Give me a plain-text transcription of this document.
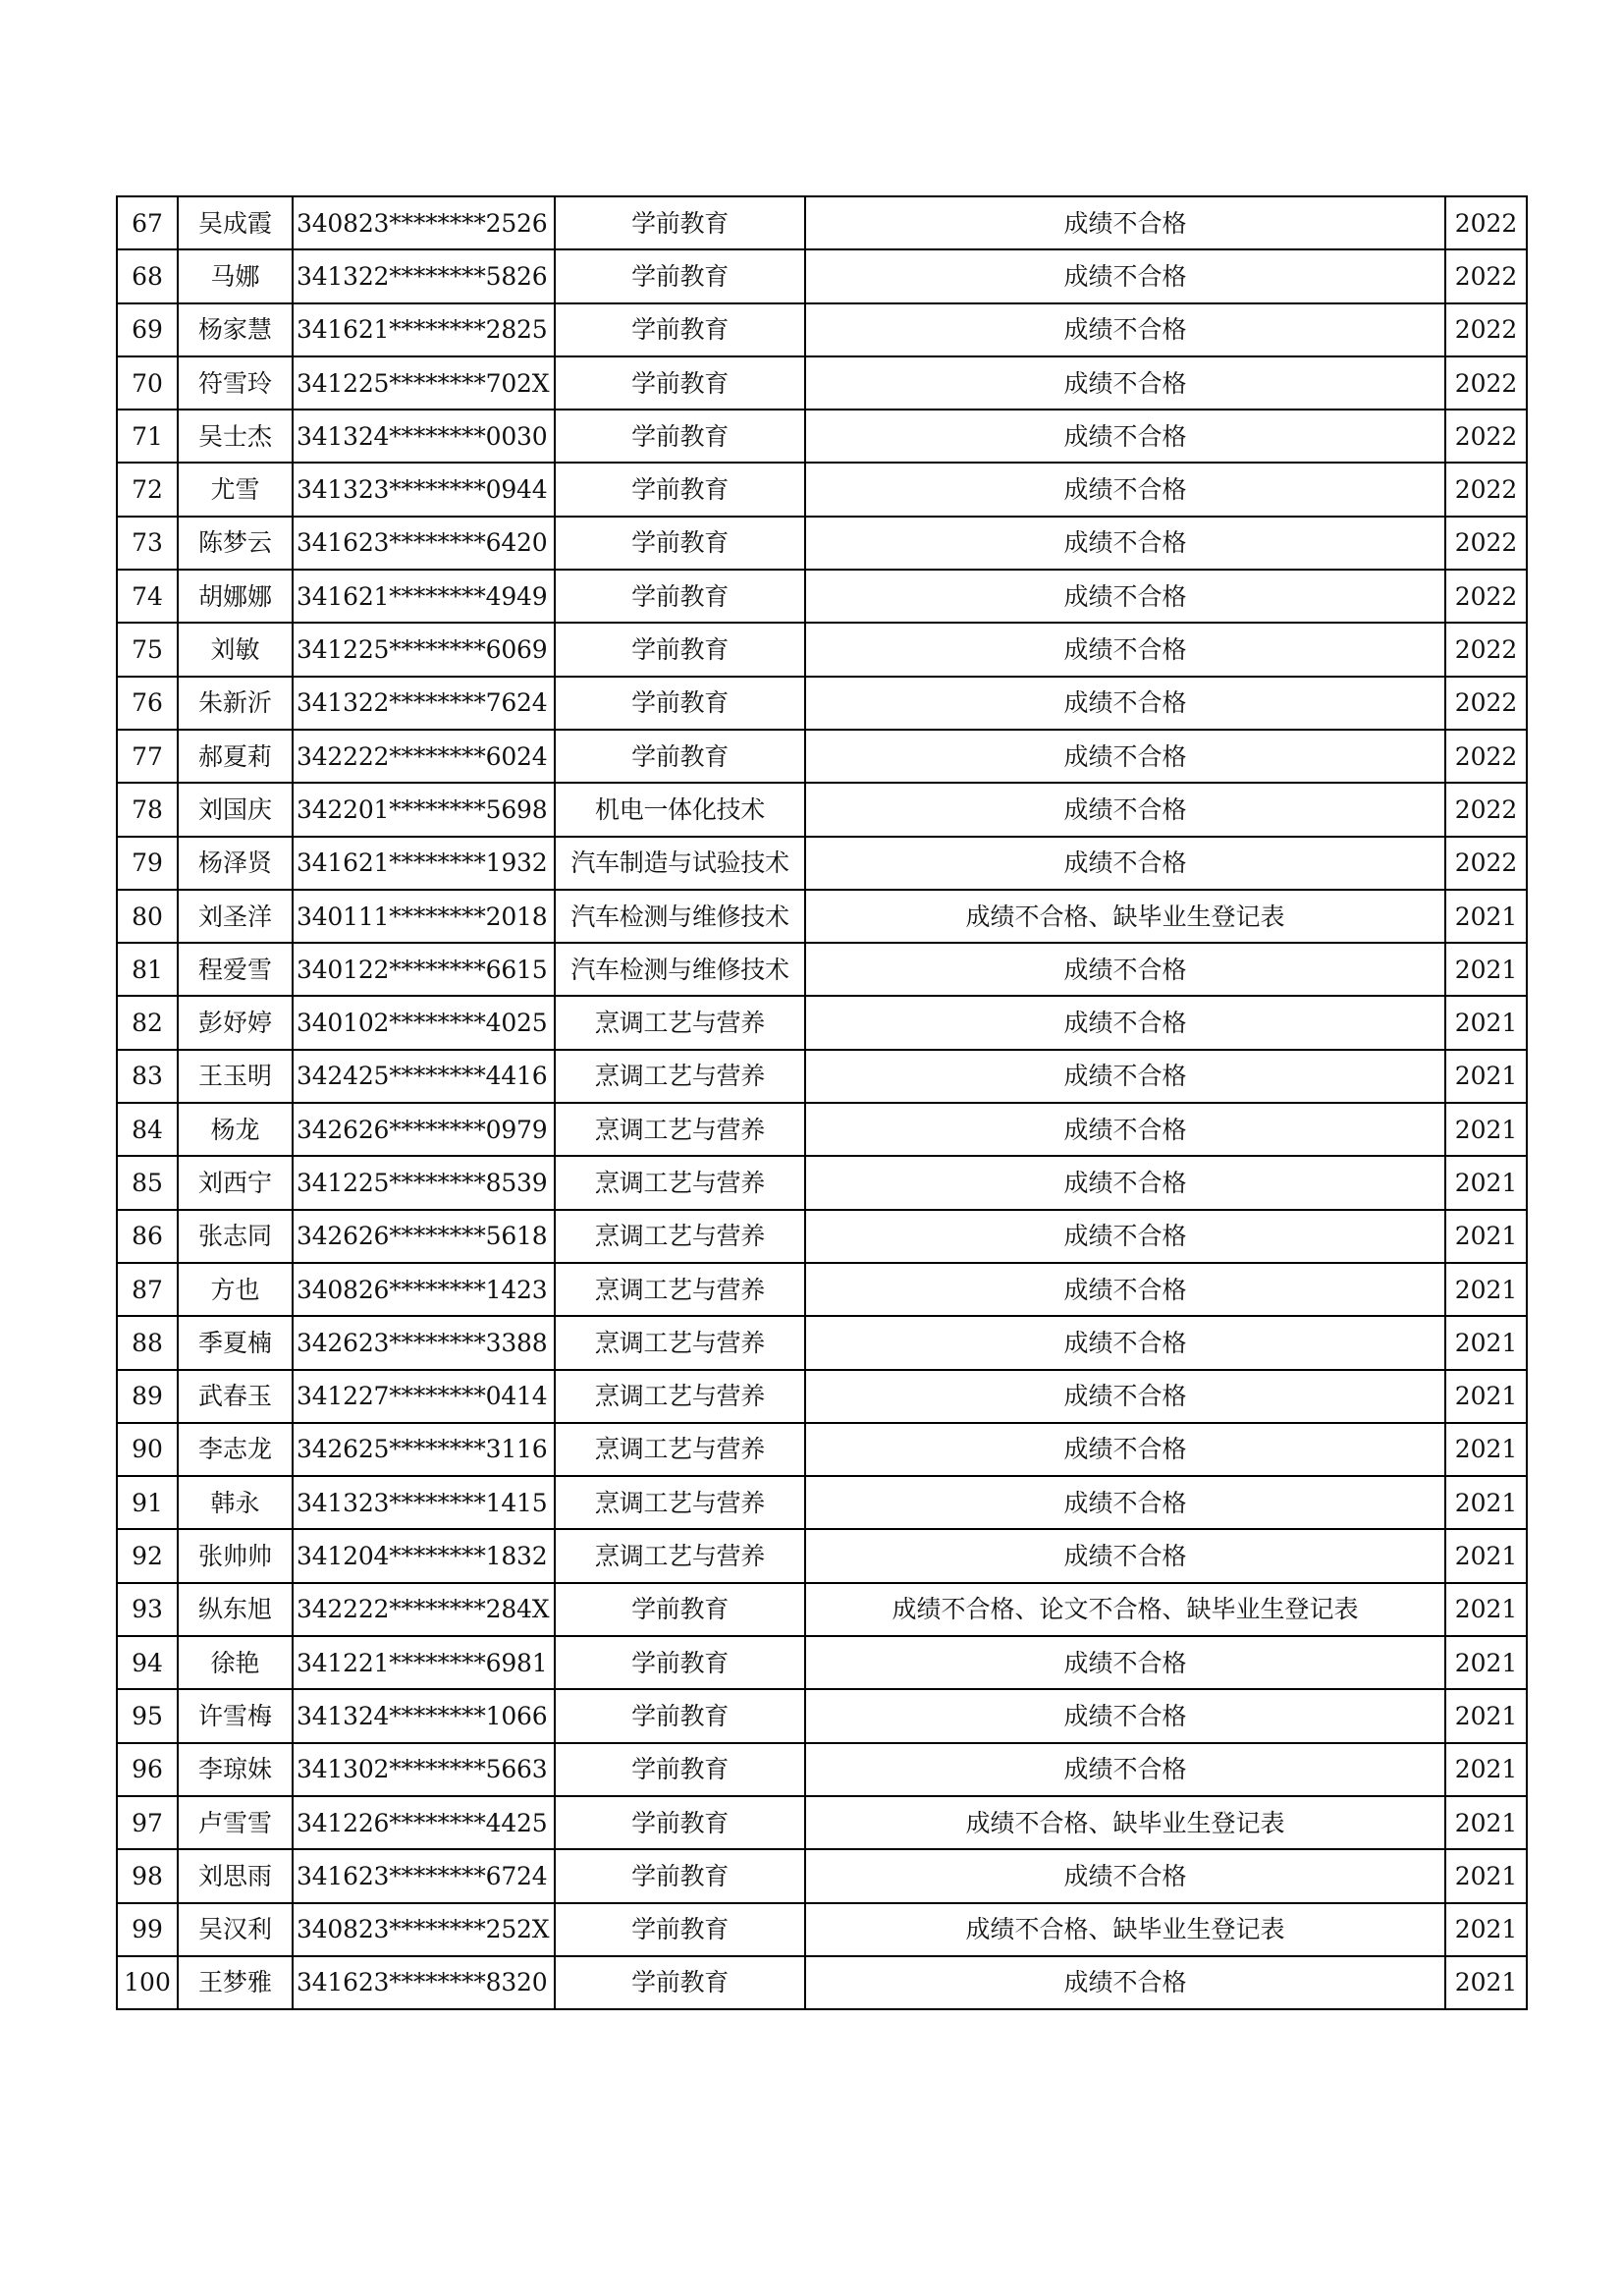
67	吴成霞	340823********2526	学前教育	成绩不合格	2022
68	马娜	341322********5826	学前教育	成绩不合格	2022
69	杨家慧	341621********2825	学前教育	成绩不合格	2022
70	符雪玲	341225********702X	学前教育	成绩不合格	2022
71	吴士杰	341324********0030	学前教育	成绩不合格	2022
72	尤雪	341323********0944	学前教育	成绩不合格	2022
73	陈梦云	341623********6420	学前教育	成绩不合格	2022
74	胡娜娜	341621********4949	学前教育	成绩不合格	2022
75	刘敏	341225********6069	学前教育	成绩不合格	2022
76	朱新沂	341322********7624	学前教育	成绩不合格	2022
77	郝夏莉	342222********6024	学前教育	成绩不合格	2022
78	刘国庆	342201********5698	机电一体化技术	成绩不合格	2022
79	杨泽贤	341621********1932	汽车制造与试验技术	成绩不合格	2022
80	刘圣洋	340111********2018	汽车检测与维修技术	成绩不合格、缺毕业生登记表	2021
81	程爱雪	340122********6615	汽车检测与维修技术	成绩不合格	2021
82	彭妤婷	340102********4025	烹调工艺与营养	成绩不合格	2021
83	王玉明	342425********4416	烹调工艺与营养	成绩不合格	2021
84	杨龙	342626********0979	烹调工艺与营养	成绩不合格	2021
85	刘西宁	341225********8539	烹调工艺与营养	成绩不合格	2021
86	张志同	342626********5618	烹调工艺与营养	成绩不合格	2021
87	方也	340826********1423	烹调工艺与营养	成绩不合格	2021
88	季夏楠	342623********3388	烹调工艺与营养	成绩不合格	2021
89	武春玉	341227********0414	烹调工艺与营养	成绩不合格	2021
90	李志龙	342625********3116	烹调工艺与营养	成绩不合格	2021
91	韩永	341323********1415	烹调工艺与营养	成绩不合格	2021
92	张帅帅	341204********1832	烹调工艺与营养	成绩不合格	2021
93	纵东旭	342222********284X	学前教育	成绩不合格、论文不合格、缺毕业生登记表	2021
94	徐艳	341221********6981	学前教育	成绩不合格	2021
95	许雪梅	341324********1066	学前教育	成绩不合格	2021
96	李琼妹	341302********5663	学前教育	成绩不合格	2021
97	卢雪雪	341226********4425	学前教育	成绩不合格、缺毕业生登记表	2021
98	刘思雨	341623********6724	学前教育	成绩不合格	2021
99	吴汉利	340823********252X	学前教育	成绩不合格、缺毕业生登记表	2021
100	王梦雅	341623********8320	学前教育	成绩不合格	2021
